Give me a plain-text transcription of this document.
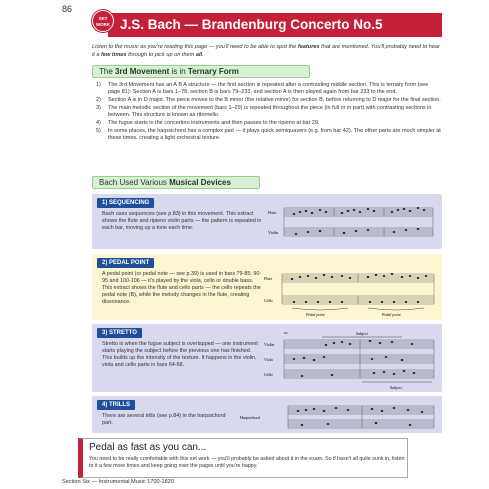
86
J.S. Bach — Brandenburg Concerto No.5
SET
WORK
Listen to the music as you're reading this page — you'll need to be able to spot the features that are mentioned. You'll probably need to hear it a few times through to pick up on them all.
The 3rd Movement is in Ternary Form
1)	The 3rd Movement has an A B A structure — the first section is repeated after a contrasting middle section. This is ternary form (see page 81). Section A is bars 1–78, section B is bars 79–233, and section A is then played again from bar 233 to the end.
2)	Section A is in D major. The piece moves to the B minor (the relative minor) for section B, before returning to D major for the final section.
3)	The main melodic section of the movement (bars 1–29) is repeated throughout the piece (in full or in part) with contrasting sections in between. This structure is known as ritornello.
4)	The fugue starts in the concertino instruments and then passes to the ripieno at bar 29.
5)	In some places, the harpsichord has a complex part — it plays quick semiquavers (e.g. from bar 42). The other parts are much simpler at these times, creating a light orchestral texture.
Bach Used Various Musical Devices
1) SEQUENCING
Bach uses sequences (see p.83) in this movement. This extract shows the flute and ripieno violin parts — the pattern is repeated in each bar, moving up a tone each time.
Flute
Violin
2) PEDAL POINT
A pedal point (or pedal note — see p.39) is used in bars 79-85, 90-95 and 100-106 — it's played by the viola, cello or double bass. This extract shows the flute and cello parts — the cello repeats the pedal note (B), while the melody changes in the flute, creating dissonance.
Flute
Cello
Pedal point	Pedal point
3) STRETTO
Stretto is when the fugue subject is overlapped — one instrument starts playing the subject before the previous one has finished. This builds up the intensity of the texture. It happens in the violin, viola and cello parts in bars 64-68.
64	Subject
Violin
Viola
Cello
Subject
4) TRILLS
There are several trills (see p.84) in the harpsichord part.
Harpsichord
Pedal as fast as you can...
You need to be really comfortable with this set work — you'll probably be asked about it in the exam. So if hasn't all quite sunk in, listen to it a few more times and keep going over the pages until you're happy.
Section Six — Instrumental Music 1700-1820
